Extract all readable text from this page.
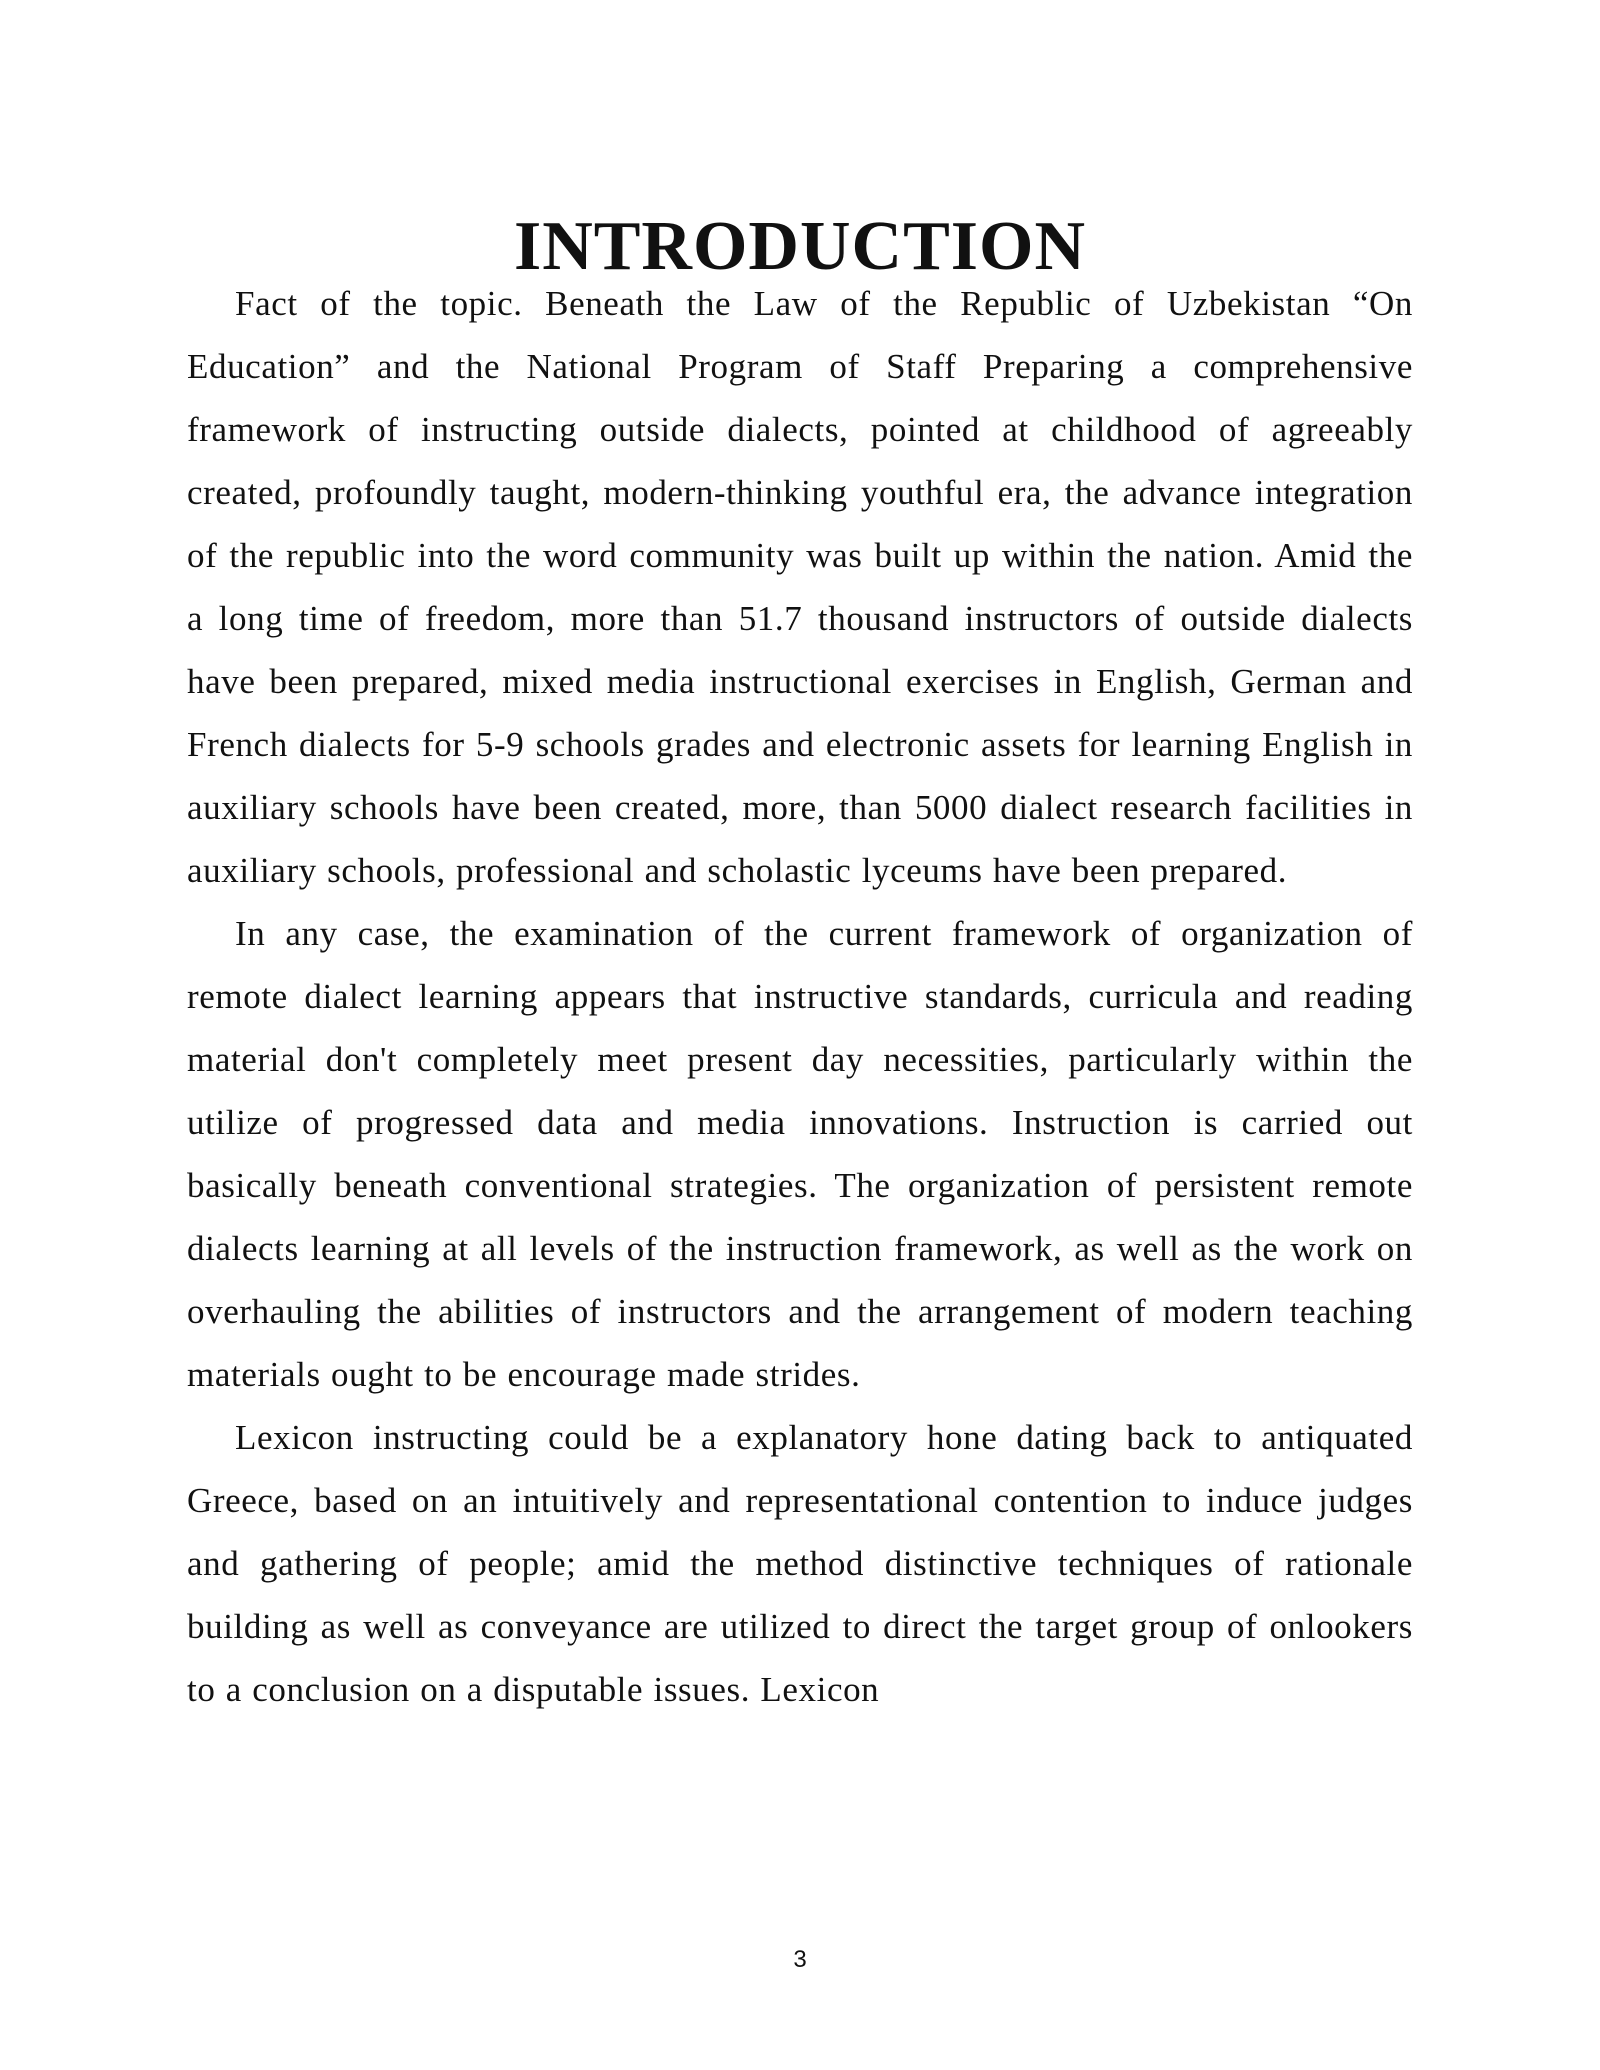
INTRODUCTION

Fact of the topic. Beneath the Law of the Republic of Uzbekistan “On Education” and the National Program of Staff Preparing a comprehensive framework of instructing outside dialects, pointed at childhood of agreeably created, profoundly taught, modern-thinking youthful era, the advance integration of the republic into the word community was built up within the nation. Amid the a long time of freedom, more than 51.7 thousand instructors of outside dialects have been prepared, mixed media instructional exercises in English, German and French dialects for 5-9 schools grades and electronic assets for learning English in auxiliary schools have been created, more, than 5000 dialect research facilities in auxiliary schools, professional and scholastic lyceums have been prepared.

In any case, the examination of the current framework of organization of remote dialect learning appears that instructive standards, curricula and reading material don't completely meet present day necessities, particularly within the utilize of progressed data and media innovations. Instruction is carried out basically beneath conventional strategies. The organization of persistent remote dialects learning at all levels of the instruction framework, as well as the work on overhauling the abilities of instructors and the arrangement of modern teaching materials ought to be encourage made strides.

Lexicon instructing could be a explanatory hone dating back to antiquated Greece, based on an intuitively and representational contention to induce judges and gathering of people; amid the method distinctive techniques of rationale building as well as conveyance are utilized to direct the target group of onlookers to a conclusion on a disputable issues. Lexicon

3
